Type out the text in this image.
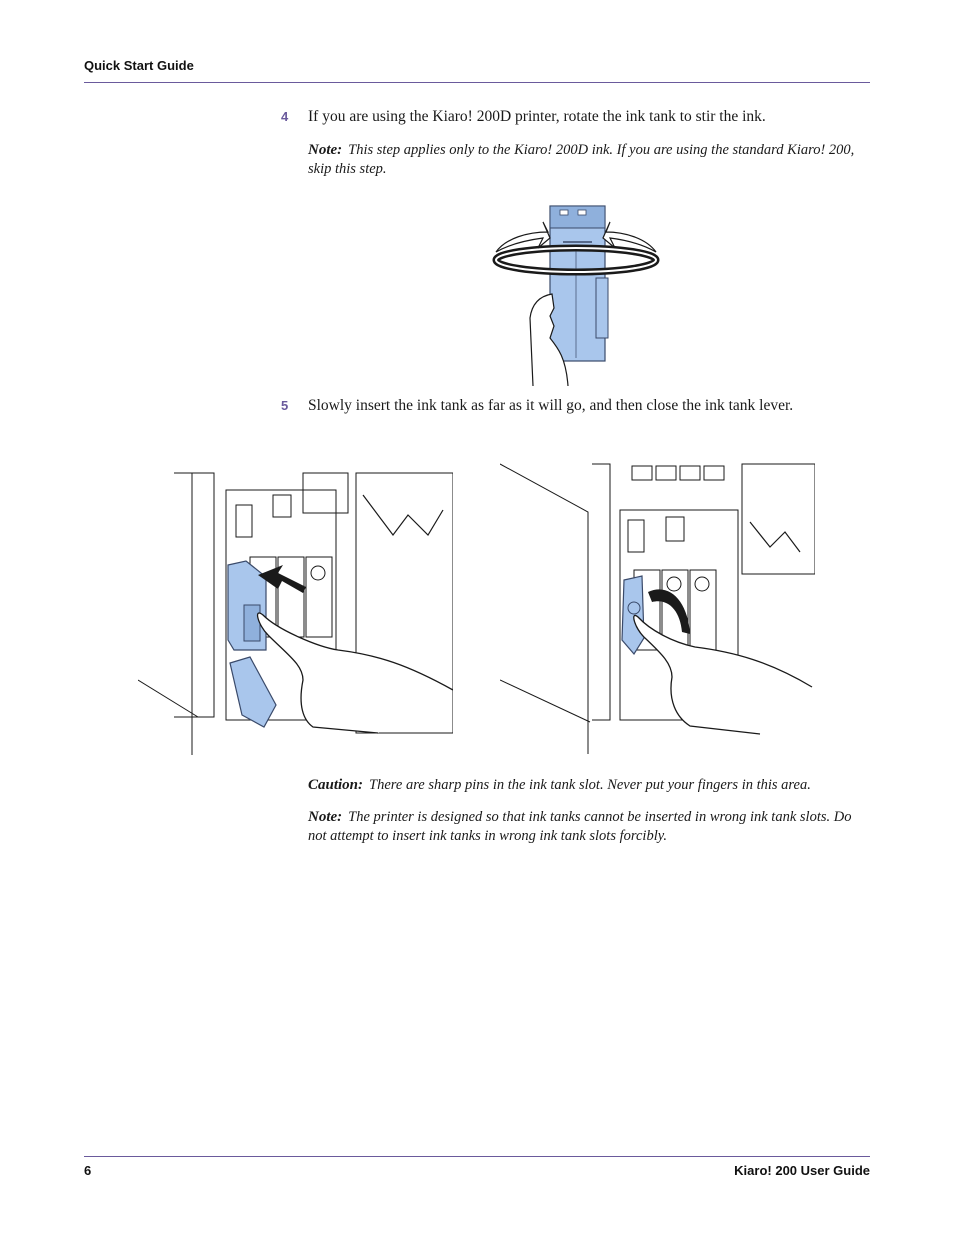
Quick Start Guide
4 If you are using the Kiaro! 200D printer, rotate the ink tank to stir the ink.
Note: This step applies only to the Kiaro! 200D ink. If you are using the standard Kiaro! 200, skip this step.
5 Slowly insert the ink tank as far as it will go, and then close the ink tank lever.
Caution: There are sharp pins in the ink tank slot. Never put your fingers in this area.
Note: The printer is designed so that ink tanks cannot be inserted in wrong ink tank slots. Do not attempt to insert ink tanks in wrong ink tank slots forcibly.
6	Kiaro! 200 User Guide
